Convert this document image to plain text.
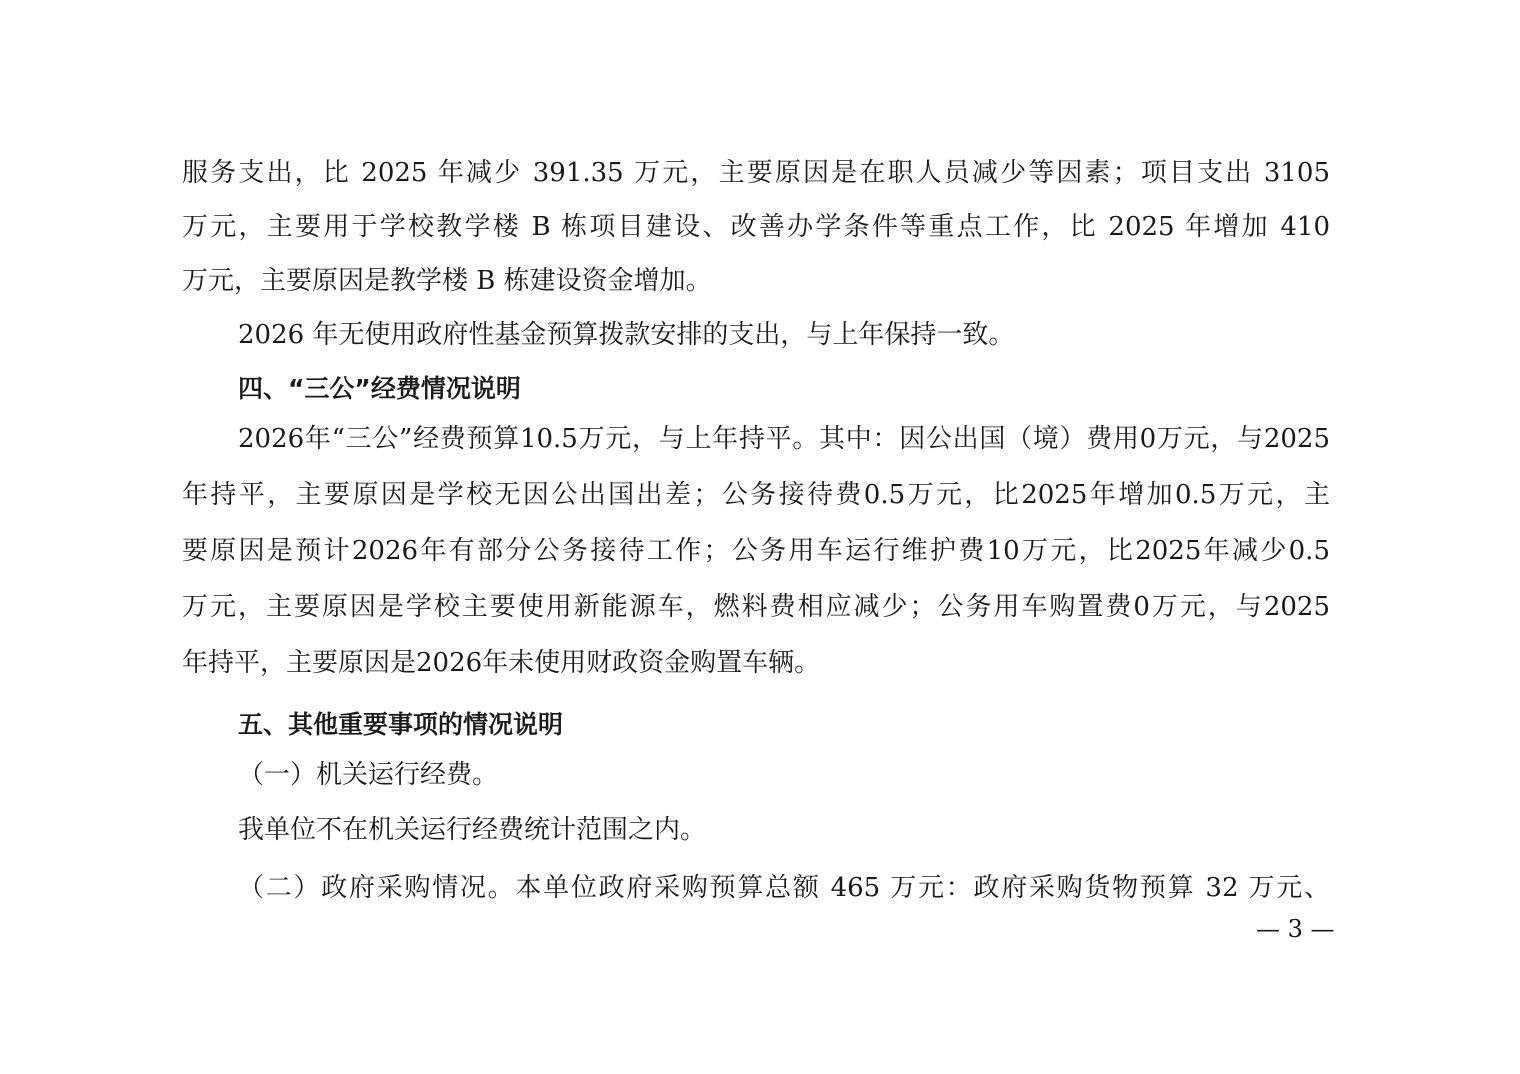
服务支出，比 2025 年减少 391.35 万元，主要原因是在职人员减少等因素；项目支出 3105
万元，主要用于学校教学楼 B 栋项目建设、改善办学条件等重点工作，比 2025 年增加 410
万元，主要原因是教学楼 B 栋建设资金增加。
2026 年无使用政府性基金预算拨款安排的支出，与上年保持一致。
四、“三公”经费情况说明
2026年“三公”经费预算10.5万元，与上年持平。其中：因公出国（境）费用0万元，与2025
年持平，主要原因是学校无因公出国出差；公务接待费0.5万元，比2025年增加0.5万元，主
要原因是预计2026年有部分公务接待工作；公务用车运行维护费10万元，比2025年减少0.5
万元，主要原因是学校主要使用新能源车，燃料费相应减少；公务用车购置费0万元，与2025
年持平，主要原因是2026年未使用财政资金购置车辆。
五、其他重要事项的情况说明
（一）机关运行经费。
我单位不在机关运行经费统计范围之内。
（二）政府采购情况。本单位政府采购预算总额 465 万元：政府采购货物预算 32 万元、
— 3 —
